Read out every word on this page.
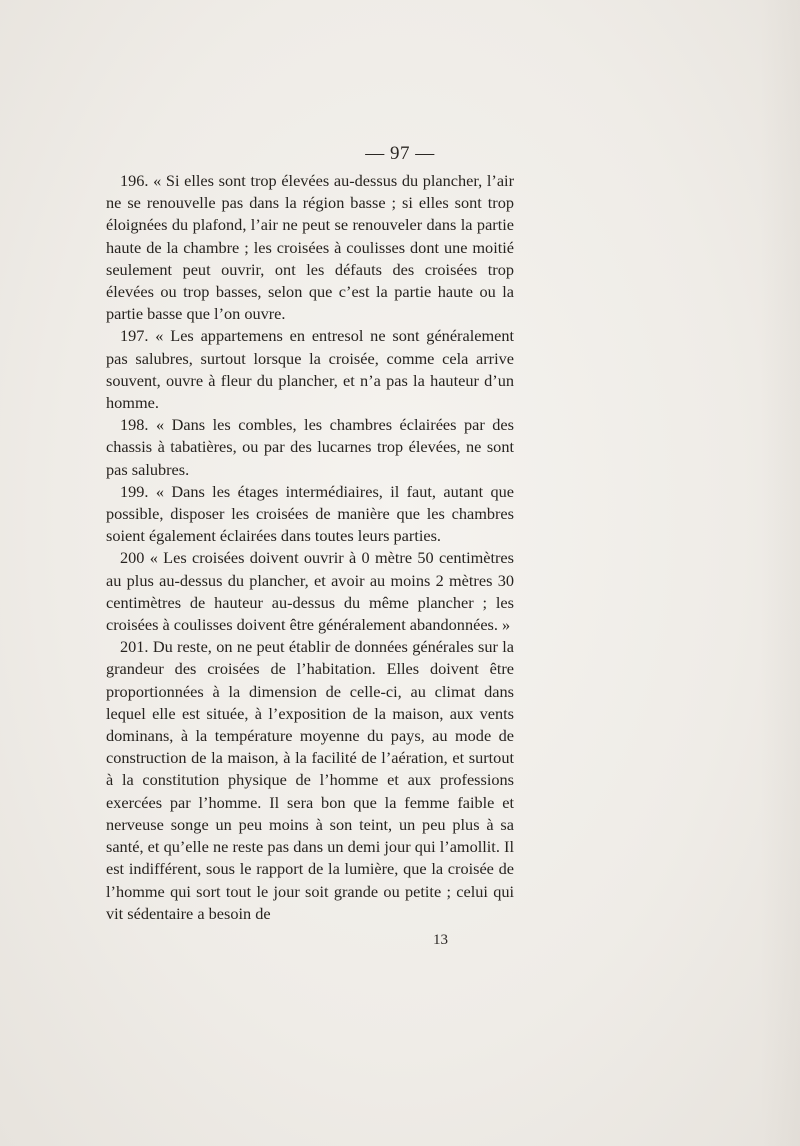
— 97 —

196. « Si elles sont trop élevées au-dessus du plancher, l’air ne se renouvelle pas dans la région basse ; si elles sont trop éloignées du plafond, l’air ne peut se renouveler dans la partie haute de la chambre ; les croisées à coulisses dont une moitié seulement peut ouvrir, ont les défauts des croisées trop élevées ou trop basses, selon que c’est la partie haute ou la partie basse que l’on ouvre.

197. « Les appartemens en entresol ne sont généralement pas salubres, surtout lorsque la croisée, comme cela arrive souvent, ouvre à fleur du plancher, et n’a pas la hauteur d’un homme.

198. « Dans les combles, les chambres éclairées par des chassis à tabatières, ou par des lucarnes trop élevées, ne sont pas salubres.

199. « Dans les étages intermédiaires, il faut, autant que possible, disposer les croisées de manière que les chambres soient également éclairées dans toutes leurs parties.

200 « Les croisées doivent ouvrir à 0 mètre 50 centimètres au plus au-dessus du plancher, et avoir au moins 2 mètres 30 centimètres de hauteur au-dessus du même plancher ; les croisées à coulisses doivent être généralement abandonnées. »

201. Du reste, on ne peut établir de données générales sur la grandeur des croisées de l’habitation. Elles doivent être proportionnées à la dimension de celle-ci, au climat dans lequel elle est située, à l’exposition de la maison, aux vents dominans, à la température moyenne du pays, au mode de construction de la maison, à la facilité de l’aération, et surtout à la constitution physique de l’homme et aux professions exercées par l’homme. Il sera bon que la femme faible et nerveuse songe un peu moins à son teint, un peu plus à sa santé, et qu’elle ne reste pas dans un demi jour qui l’amollit. Il est indifférent, sous le rapport de la lumière, que la croisée de l’homme qui sort tout le jour soit grande ou petite ; celui qui vit sédentaire a besoin de

13
